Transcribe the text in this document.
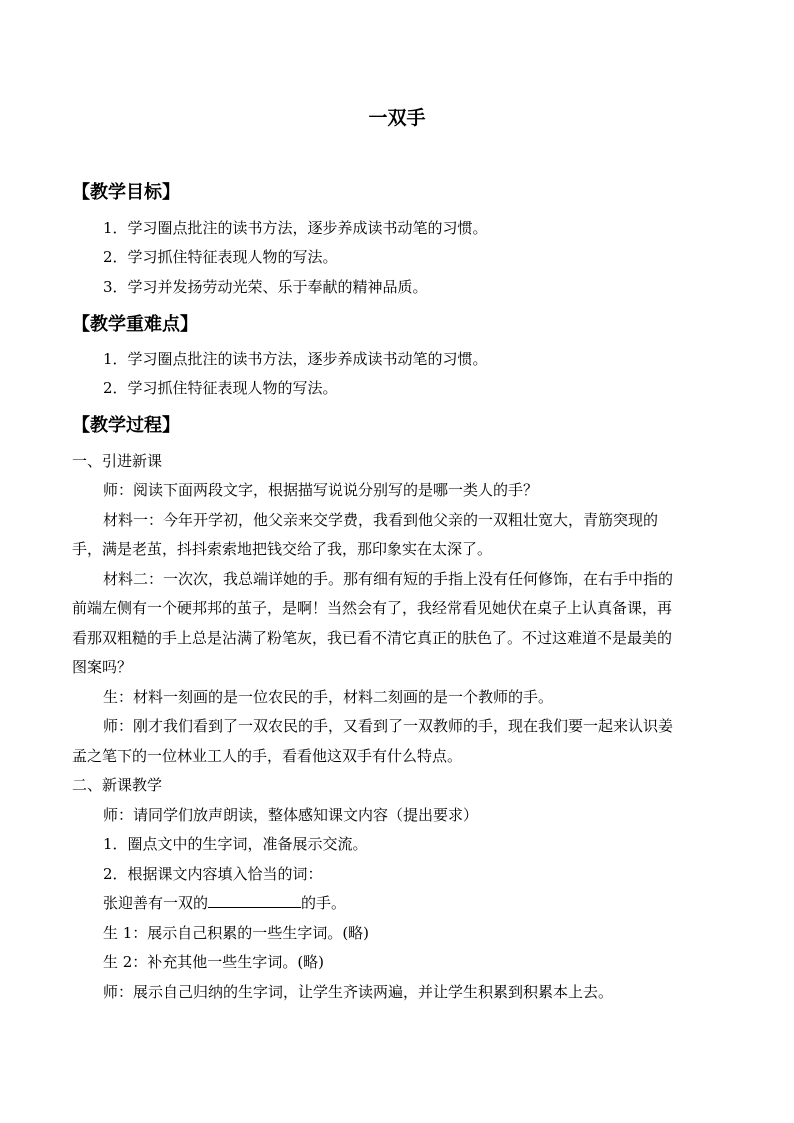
一双手
【教学目标】
1．学习圈点批注的读书方法，逐步养成读书动笔的习惯。
2．学习抓住特征表现人物的写法。
3．学习并发扬劳动光荣、乐于奉献的精神品质。
【教学重难点】
1．学习圈点批注的读书方法，逐步养成读书动笔的习惯。
2．学习抓住特征表现人物的写法。
【教学过程】
一、引进新课
师：阅读下面两段文字，根据描写说说分别写的是哪一类人的手？
材料一：今年开学初，他父亲来交学费，我看到他父亲的一双粗壮宽大，青筋突现的
手，满是老茧，抖抖索索地把钱交给了我，那印象实在太深了。
材料二：一次次，我总端详她的手。那有细有短的手指上没有任何修饰，在右手中指的
前端左侧有一个硬邦邦的茧子，是啊！当然会有了，我经常看见她伏在桌子上认真备课，再
看那双粗糙的手上总是沾满了粉笔灰，我已看不清它真正的肤色了。不过这难道不是最美的
图案吗？
生：材料一刻画的是一位农民的手，材料二刻画的是一个教师的手。
师：刚才我们看到了一双农民的手，又看到了一双教师的手，现在我们要一起来认识姜
孟之笔下的一位林业工人的手，看看他这双手有什么特点。
二、新课教学
师：请同学们放声朗读，整体感知课文内容（提出要求）
1．圈点文中的生字词，准备展示交流。
2．根据课文内容填入恰当的词：
张迎善有一双的	的手。
生 1：展示自己积累的一些生字词。(略)
生 2：补充其他一些生字词。(略)
师：展示自己归纳的生字词，让学生齐读两遍，并让学生积累到积累本上去。
